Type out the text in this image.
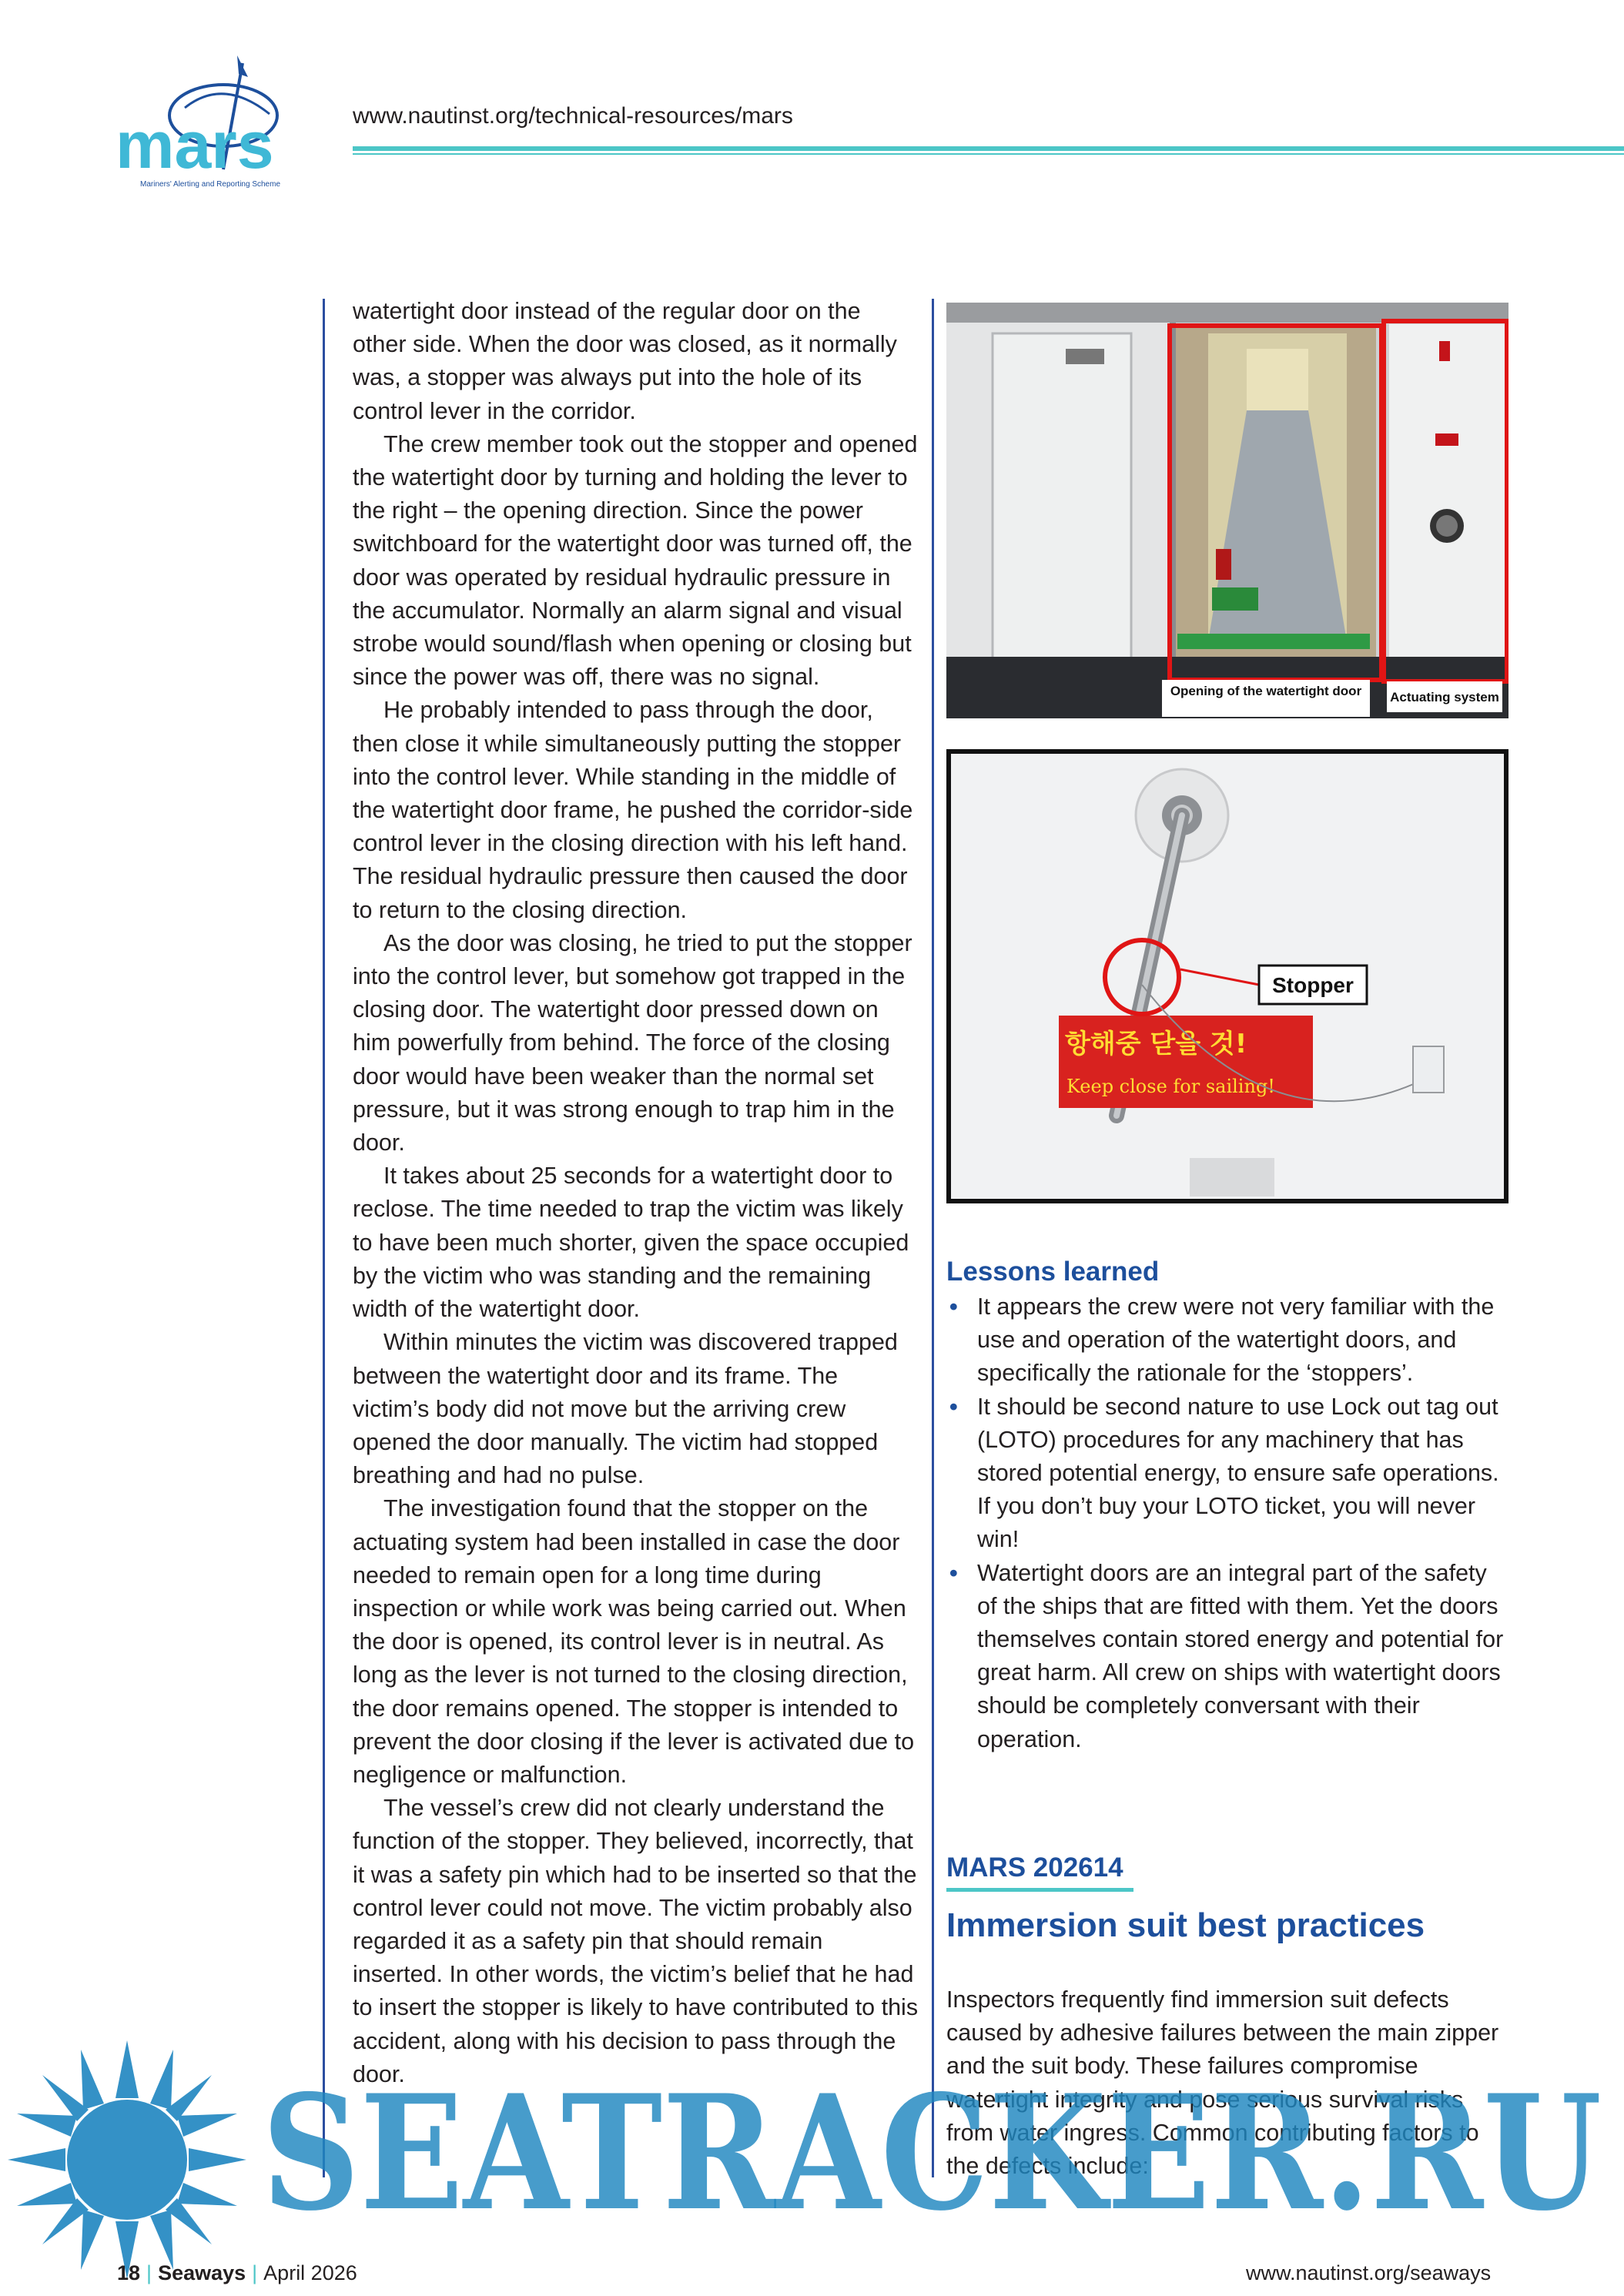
mars
Mariners' Alerting and Reporting Scheme
www.nautinst.org/technical-resources/mars

watertight door instead of the regular door on the other side. When the door was closed, as it normally was, a stopper was always put into the hole of its control lever in the corridor.

The crew member took out the stopper and opened the watertight door by turning and holding the lever to the right – the opening direction. Since the power switchboard for the watertight door was turned off, the door was operated by residual hydraulic pressure in the accumulator. Normally an alarm signal and visual strobe would sound/flash when opening or closing but since the power was off, there was no signal.

He probably intended to pass through the door, then close it while simultaneously putting the stopper into the control lever. While standing in the middle of the watertight door frame, he pushed the corridor-side control lever in the closing direction with his left hand. The residual hydraulic pressure then caused the door to return to the closing direction.

As the door was closing, he tried to put the stopper into the control lever, but somehow got trapped in the closing door. The watertight door pressed down on him powerfully from behind. The force of the closing door would have been weaker than the normal set pressure, but it was strong enough to trap him in the door.

It takes about 25 seconds for a watertight door to reclose. The time needed to trap the victim was likely to have been much shorter, given the space occupied by the victim who was standing and the remaining width of the watertight door.

Within minutes the victim was discovered trapped between the watertight door and its frame. The victim’s body did not move but the arriving crew opened the door manually. The victim had stopped breathing and had no pulse.

The investigation found that the stopper on the actuating system had been installed in case the door needed to remain open for a long time during inspection or while work was being carried out. When the door is opened, its control lever is in neutral. As long as the lever is not turned to the closing direction, the door remains opened. The stopper is intended to prevent the door closing if the lever is activated due to negligence or malfunction.

The vessel’s crew did not clearly understand the function of the stopper. They believed, incorrectly, that it was a safety pin which had to be inserted so that the control lever could not move. The victim probably also regarded it as a safety pin that should remain inserted. In other words, the victim’s belief that he had to insert the stopper is likely to have contributed to this accident, along with his decision to pass through the door.

Opening of the watertight door Actuating system
항해중 닫을 것!
Keep close for sailing!
Stopper
Lessons learned
• It appears the crew were not very familiar with the use and operation of the watertight doors, and specifically the rationale for the ‘stoppers’.
• It should be second nature to use Lock out tag out (LOTO) procedures for any machinery that has stored potential energy, to ensure safe operations. If you don’t buy your LOTO ticket, you will never win!
• Watertight doors are an integral part of the safety of the ships that are fitted with them. Yet the doors themselves contain stored energy and potential for great harm. All crew on ships with watertight doors should be completely conversant with their operation.
MARS 202614
Immersion suit best practices

Inspectors frequently find immersion suit defects caused by adhesive failures between the main zipper and the suit body. These failures compromise watertight integrity and pose serious survival risks from water ingress. Common contributing factors to the defects include:

SEATRACKER.RU
18 | Seaways | April 2026	www.nautinst.org/seaways
